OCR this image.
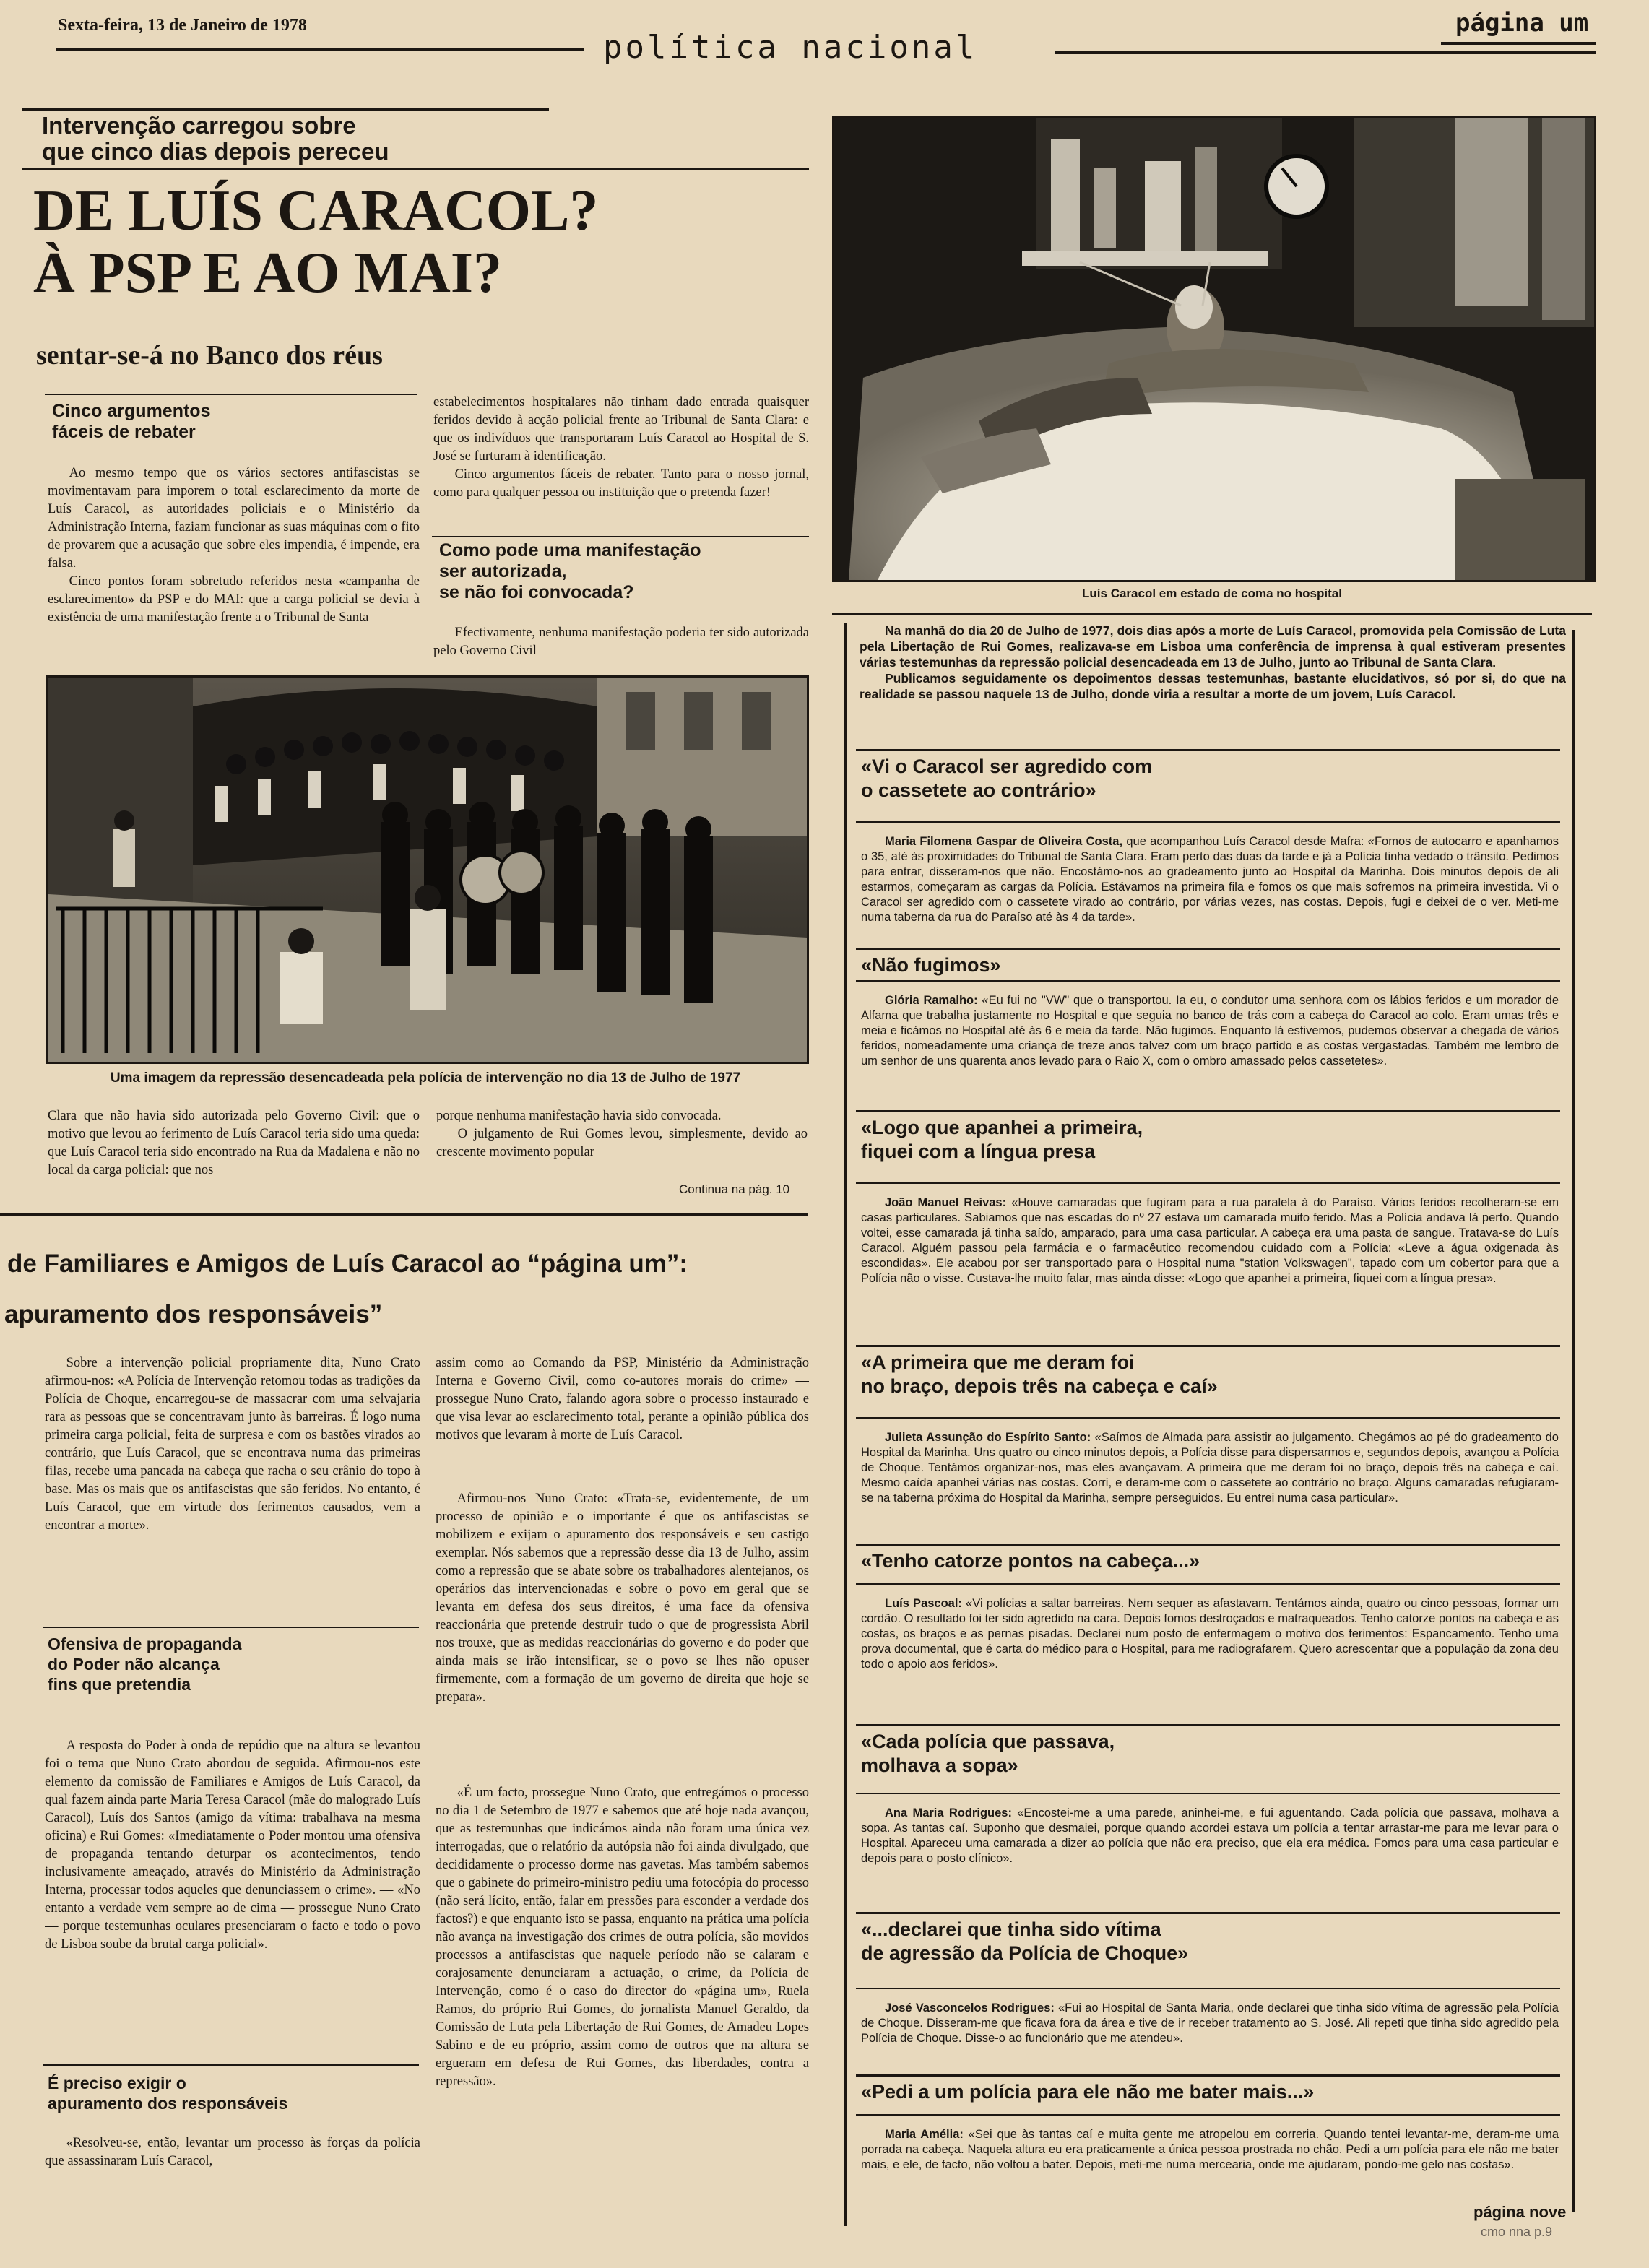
Sexta-feira, 13 de Janeiro de 1978
política nacional
página um
Intervenção carregou sobre
que cinco dias depois pereceu
DE LUÍS CARACOL?
À PSP E AO MAI?
sentar-se-á no Banco dos réus
Cinco argumentos
fáceis de rebater

Ao mesmo tempo que os vários sectores antifascistas se movimentavam para imporem o total esclarecimento da morte de Luís Caracol, as autoridades policiais e o Ministério da Administração Interna, faziam funcionar as suas máquinas com o fito de provarem que a acusação que sobre eles impendia, é impende, era falsa.

Cinco pontos foram sobretudo referidos nesta «campanha de esclarecimento» da PSP e do MAI: que a carga policial se devia à existência de uma manifestação frente a o Tribunal de Santa

estabelecimentos hospitalares não tinham dado entrada quaisquer feridos devido à acção policial frente ao Tribunal de Santa Clara: e que os indivíduos que transportaram Luís Caracol ao Hospital de S. José se furturam à identificação.

Cinco argumentos fáceis de rebater. Tanto para o nosso jornal, como para qualquer pessoa ou instituição que o pretenda fazer!

Como pode uma manifestação
ser autorizada,
se não foi convocada?

Efectivamente, nenhuma manifestação poderia ter sido autorizada pelo Governo Civil

Uma imagem da repressão desencadeada pela polícia de intervenção no dia 13 de Julho de 1977

Clara que não havia sido autorizada pelo Governo Civil: que o motivo que levou ao ferimento de Luís Caracol teria sido uma queda: que Luís Caracol teria sido encontrado na Rua da Madalena e não no local da carga policial: que nos

porque nenhuma manifestação havia sido convocada.

O julgamento de Rui Gomes levou, simplesmente, devido ao crescente movimento popular

Continua na pág. 10
de Familiares e Amigos de Luís Caracol ao “página um”:
apuramento dos responsáveis”

Sobre a intervenção policial propriamente dita, Nuno Crato afirmou-nos: «A Polícia de Intervenção retomou todas as tradições da Polícia de Choque, encarregou-se de massacrar com uma selvajaria rara as pessoas que se concentravam junto às barreiras. É logo numa primeira carga policial, feita de surpresa e com os bastões virados ao contrário, que Luís Caracol, que se encontrava numa das primeiras filas, recebe uma pancada na cabeça que racha o seu crânio do topo à base. Mas os mais que os antifascistas que são feridos. No entanto, é Luís Caracol, que em virtude dos ferimentos causados, vem a encontrar a morte».

Ofensiva de propaganda
do Poder não alcança
fins que pretendia

A resposta do Poder à onda de repúdio que na altura se levantou foi o tema que Nuno Crato abordou de seguida. Afirmou-nos este elemento da comissão de Familiares e Amigos de Luís Caracol, da qual fazem ainda parte Maria Teresa Caracol (mãe do malogrado Luís Caracol), Luís dos Santos (amigo da vítima: trabalhava na mesma oficina) e Rui Gomes: «Imediatamente o Poder montou uma ofensiva de propaganda tentando deturpar os acontecimentos, tendo inclusivamente ameaçado, através do Ministério da Administração Interna, processar todos aqueles que denunciassem o crime». — «No entanto a verdade vem sempre ao de cima — prossegue Nuno Crato — porque testemunhas oculares presenciaram o facto e todo o povo de Lisboa soube da brutal carga policial».

É preciso exigir o
apuramento dos responsáveis

«Resolveu-se, então, levantar um processo às forças da polícia que assassinaram Luís Caracol,

assim como ao Comando da PSP, Ministério da Administração Interna e Governo Civil, como co-autores morais do crime» — prossegue Nuno Crato, falando agora sobre o processo instaurado e que visa levar ao esclarecimento total, perante a opinião pública dos motivos que levaram à morte de Luís Caracol.

Afirmou-nos Nuno Crato: «Trata-se, evidentemente, de um processo de opinião e o importante é que os antifascistas se mobilizem e exijam o apuramento dos responsáveis e seu castigo exemplar. Nós sabemos que a repressão desse dia 13 de Julho, assim como a repressão que se abate sobre os trabalhadores alentejanos, os operários das intervencionadas e sobre o povo em geral que se levanta em defesa dos seus direitos, é uma face da ofensiva reaccionária que pretende destruir tudo o que de progressista Abril nos trouxe, que as medidas reaccionárias do governo e do poder que ainda mais se irão intensificar, se o povo se lhes não opuser firmemente, com a formação de um governo de direita que hoje se prepara».

«É um facto, prossegue Nuno Crato, que entregámos o processo no dia 1 de Setembro de 1977 e sabemos que até hoje nada avançou, que as testemunhas que indicámos ainda não foram uma única vez interrogadas, que o relatório da autópsia não foi ainda divulgado, que decididamente o processo dorme nas gavetas. Mas também sabemos que o gabinete do primeiro-ministro pediu uma fotocópia do processo (não será lícito, então, falar em pressões para esconder a verdade dos factos?) e que enquanto isto se passa, enquanto na prática uma polícia não avança na investigação dos crimes de outra polícia, são movidos processos a antifascistas que naquele período não se calaram e corajosamente denunciaram a actuação, o crime, da Polícia de Intervenção, como é o caso do director do «página um», Ruela Ramos, do próprio Rui Gomes, do jornalista Manuel Geraldo, da Comissão de Luta pela Libertação de Rui Gomes, de Amadeu Lopes Sabino e de eu próprio, assim como de outros que na altura se ergueram em defesa de Rui Gomes, das liberdades, contra a repressão».

Luís Caracol em estado de coma no hospital

Na manhã do dia 20 de Julho de 1977, dois dias após a morte de Luís Caracol, promovida pela Comissão de Luta pela Libertação de Rui Gomes, realizava-se em Lisboa uma conferência de imprensa à qual estiveram presentes várias testemunhas da repressão policial desencadeada em 13 de Julho, junto ao Tribunal de Santa Clara.

Publicamos seguidamente os depoimentos dessas testemunhas, bastante elucidativos, só por si, do que na realidade se passou naquele 13 de Julho, donde viria a resultar a morte de um jovem, Luís Caracol.

«Vi o Caracol ser agredido com
o cassetete ao contrário»

Maria Filomena Gaspar de Oliveira Costa, que acompanhou Luís Caracol desde Mafra: «Fomos de autocarro e apanhamos o 35, até às proximidades do Tribunal de Santa Clara. Eram perto das duas da tarde e já a Polícia tinha vedado o trânsito. Pedimos para entrar, disseram-nos que não. Encostámo-nos ao gradeamento junto ao Hospital da Marinha. Dois minutos depois de ali estarmos, começaram as cargas da Polícia. Estávamos na primeira fila e fomos os que mais sofremos na primeira investida. Vi o Caracol ser agredido com o cassetete virado ao contrário, por várias vezes, nas costas. Depois, fugi e deixei de o ver. Meti-me numa taberna da rua do Paraíso até às 4 da tarde».

«Não fugimos»

Glória Ramalho: «Eu fui no "VW" que o transportou. Ia eu, o condutor uma senhora com os lábios feridos e um morador de Alfama que trabalha justamente no Hospital e que seguia no banco de trás com a cabeça do Caracol ao colo. Eram umas três e meia e ficámos no Hospital até às 6 e meia da tarde. Não fugimos. Enquanto lá estivemos, pudemos observar a chegada de vários feridos, nomeadamente uma criança de treze anos talvez com um braço partido e as costas vergastadas. Também me lembro de um senhor de uns quarenta anos levado para o Raio X, com o ombro amassado pelos cassetetes».

«Logo que apanhei a primeira,
fiquei com a língua presa

João Manuel Reivas: «Houve camaradas que fugiram para a rua paralela à do Paraíso. Vários feridos recolheram-se em casas particulares. Sabiamos que nas escadas do nº 27 estava um camarada muito ferido. Mas a Polícia andava lá perto. Quando voltei, esse camarada já tinha saído, amparado, para uma casa particular. A cabeça era uma pasta de sangue. Tratava-se do Luís Caracol. Alguém passou pela farmácia e o farmacêutico recomendou cuidado com a Polícia: «Leve a água oxigenada às escondidas». Ele acabou por ser transportado para o Hospital numa "station Volkswagen", tapado com um cobertor para que a Polícia não o visse. Custava-lhe muito falar, mas ainda disse: «Logo que apanhei a primeira, fiquei com a língua presa».

«A primeira que me deram foi
no braço, depois três na cabeça e caí»

Julieta Assunção do Espírito Santo: «Saímos de Almada para assistir ao julgamento. Chegámos ao pé do gradeamento do Hospital da Marinha. Uns quatro ou cinco minutos depois, a Polícia disse para dispersarmos e, segundos depois, avançou a Polícia de Choque. Tentámos organizar-nos, mas eles avançavam. A primeira que me deram foi no braço, depois três na cabeça e caí. Mesmo caída apanhei várias nas costas. Corri, e deram-me com o cassetete ao contrário no braço. Alguns camaradas refugiaram-se na taberna próxima do Hospital da Marinha, sempre perseguidos. Eu entrei numa casa particular».

«Tenho catorze pontos na cabeça...»

Luís Pascoal: «Vi polícias a saltar barreiras. Nem sequer as afastavam. Tentámos ainda, quatro ou cinco pessoas, formar um cordão. O resultado foi ter sido agredido na cara. Depois fomos destroçados e matraqueados. Tenho catorze pontos na cabeça e as costas, os braços e as pernas pisadas. Declarei num posto de enfermagem o motivo dos ferimentos: Espancamento. Tenho uma prova documental, que é carta do médico para o Hospital, para me radiografarem. Quero acrescentar que a população da zona deu todo o apoio aos feridos».

«Cada polícia que passava,
molhava a sopa»

Ana Maria Rodrigues: «Encostei-me a uma parede, aninhei-me, e fui aguentando. Cada polícia que passava, molhava a sopa. As tantas caí. Suponho que desmaiei, porque quando acordei estava um polícia a tentar arrastar-me para me levar para o Hospital. Apareceu uma camarada a dizer ao polícia que não era preciso, que ela era médica. Fomos para uma casa particular e depois para o posto clínico».

«...declarei que tinha sido vítima
de agressão da Polícia de Choque»

José Vasconcelos Rodrigues: «Fui ao Hospital de Santa Maria, onde declarei que tinha sido vítima de agressão pela Polícia de Choque. Disseram-me que ficava fora da área e tive de ir receber tratamento ao S. José. Ali repeti que tinha sido agredido pela Polícia de Choque. Disse-o ao funcionário que me atendeu».

«Pedi a um polícia para ele não me bater mais...»

Maria Amélia: «Sei que às tantas caí e muita gente me atropelou em correria. Quando tentei levantar-me, deram-me uma porrada na cabeça. Naquela altura eu era praticamente a única pessoa prostrada no chão. Pedi a um polícia para ele não me bater mais, e ele, de facto, não voltou a bater. Depois, meti-me numa mercearia, onde me ajudaram, pondo-me gelo nas costas».

página nove
cmo nna p.9
